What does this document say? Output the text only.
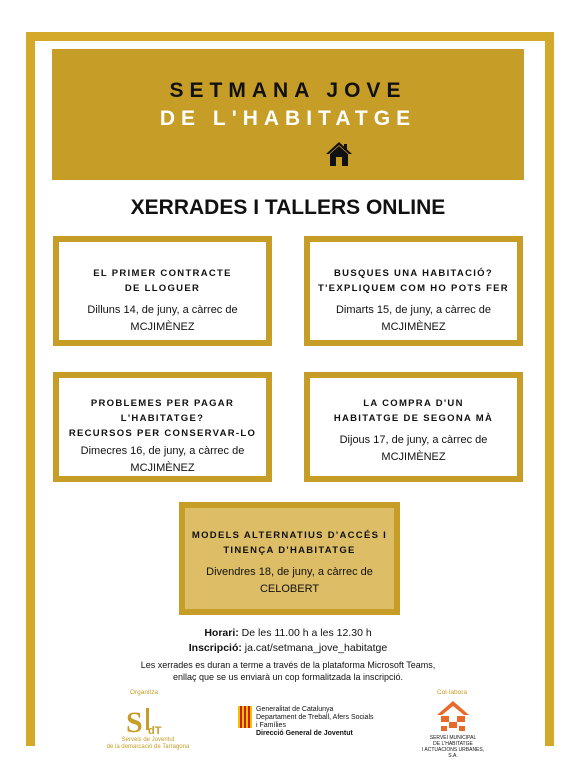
SETMANA JOVE
DE L'HABITATGE
XERRADES I TALLERS ONLINE
EL PRIMER CONTRACTE
DE LLOGUER
Dilluns 14, de juny, a càrrec de
MCJIMÈNEZ
BUSQUES UNA HABITACIÓ?
T'EXPLIQUEM COM HO POTS FER
Dimarts 15, de juny, a càrrec de
MCJIMÈNEZ
PROBLEMES PER PAGAR
L'HABITATGE?
RECURSOS PER CONSERVAR-LO
Dimecres 16, de juny, a càrrec de
MCJIMÈNEZ
LA COMPRA D'UN
HABITATGE DE SEGONA MÀ
Dijous 17, de juny, a càrrec de
MCJIMÈNEZ
MODELS ALTERNATIUS D'ACCÉS I
TINENÇA D'HABITATGE
Divendres 18, de juny, a càrrec de
CELOBERT
Horari: De les 11.00 h a les 12.30 h
Inscripció: ja.cat/setmana_jove_habitatge
Les xerrades es duran a terme a través de la plataforma Microsoft Teams,
enllaç que se us enviarà un cop formalitzada la inscripció.
Organitza	Col·labora
S dT
Serveis de Joventut
de la demarcació de Tarragona
Generalitat de Catalunya
Departament de Treball, Afers Socials
i Famílies
Direcció General de Joventut
SERVEI MUNICIPAL
DE L'HABITATGE
I ACTUACIONS URBANES, S.A.
